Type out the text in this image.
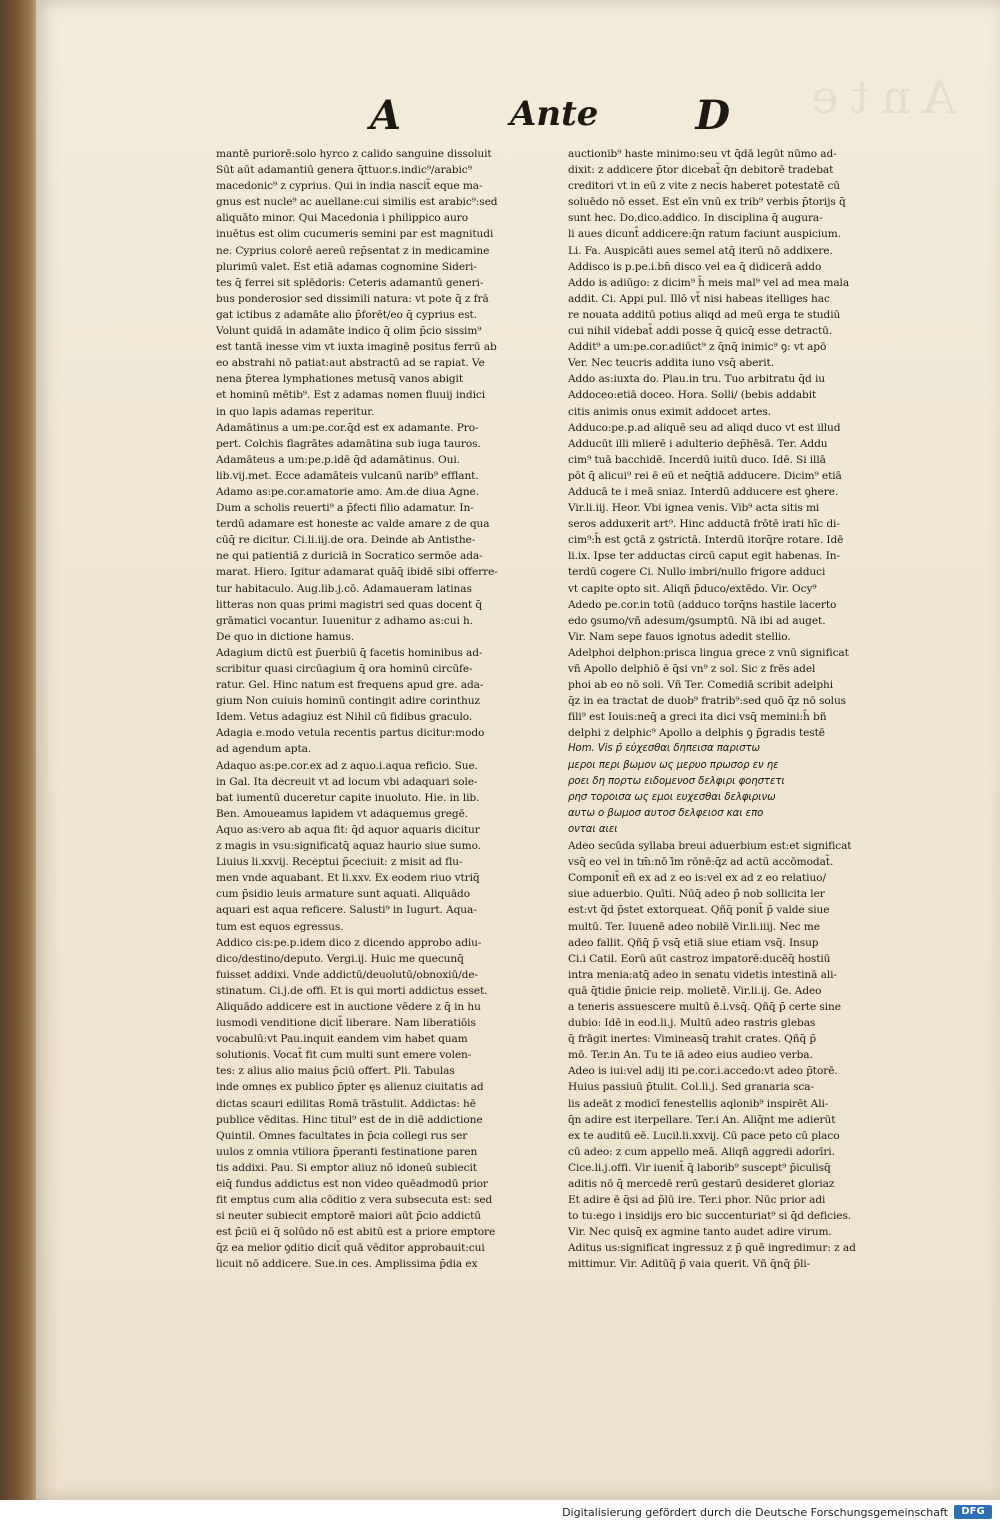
Ante
A	Ante D
mantē puriorē:solo hyrco z calido sanguine dissoluit
Sūt aūt adamantiū genera q̄ttuor.s.indic⁹/arabic⁹
macedonic⁹ z cyprius. Qui in india nascit̄ eque ma-
gnus est nucle⁹ ac auellane:cui similis est arabic⁹:sed
aliquāto minor. Qui Macedonia i philippico auro
inuētus est olim cucumeris semini par est magnitudi
ne. Cyprius colorē aereū rep̄sentat z in medicamine
plurimū valet. Est etiā adamas cognomine Sideri-
tes q̄ ferrei sit splēdoris: Ceteris adamantū generi-
bus ponderosior sed dissimili natura: vt pote q̄ z frā
gat ictibus z adamāte alio p̄forēt/eo q̄ cyprius est.
Volunt quidā in adamāte indico q̄ olim p̄cio sissim⁹
est tantā inesse vim vt iuxta imaginē positus ferrū ab
eo abstrahi nō patiat:aut abstractū ad se rapiat. Ve
nena p̄terea lymphationes metusq̄ vanos abigit
et hominū mētib⁹. Est z adamas nomen fluuij indici
in quo lapis adamas reperitur.
Adamātinus a um:pe.cor.q̄d est ex adamante. Pro-
pert. Colchis flagrātes adamātina sub iuga tauros.
Adamāteus a um:pe.p.idē q̄d adamātinus. Oui.
lib.vij.met. Ecce adamāteis vulcanū narib⁹ efflant.
Adamo as:pe.cor.amatorie amo. Am.de diua Agne.
Dum a scholis reuerti⁹ a p̄fecti filio adamatur. In-
terdū adamare est honeste ac valde amare z de qua
cūq̄ re dicitur. Ci.li.iij.de ora. Deinde ab Antisthe-
ne qui patientiā z duriciā in Socratico sermōe ada-
marat. Hiero. Igitur adamarat quāq̄ ibidē sibi offerre-
tur habitaculo. Aug.lib.j.cō. Adamaueram latinas
litteras non quas primi magistri sed quas docent q̄
grāmatici vocantur. Iuuenitur z adhamo as:cui h.
De quo in dictione hamus.
Adagium dictū est p̄uerbiū q̄ facetis hominibus ad-
scribitur quasi circūagium q̄ ora hominū circūfe-
ratur. Gel. Hinc natum est frequens apud gre. ada-
gium Non cuiuis hominū contingit adire corinthuz
Idem. Vetus adagiuz est Nihil cū fidibus graculo.
Adagia e.modo vetula recentis partus dicitur:modo
ad agendum apta.
Adaquo as:pe.cor.ex ad z aquo.i.aqua reficio. Sue.
in Gal. Ita decreuit vt ad locum vbi adaquari sole-
bat iumentū duceretur capite inuoluto. Hie. in lib.
Ben. Amoueamus lapidem vt adaquemus gregē.
Aquo as:vero ab aqua fit: q̄d aquor aquaris dicitur
z magis in vsu:significatq̄ aquaz haurio siue sumo.
Liuius li.xxvij. Receptui p̄ceciuit: z misit ad flu-
men vnde aquabant. Et li.xxv. Ex eodem riuo vtriq̄
cum p̄sidio leuis armature sunt aquati. Aliquādo
aquari est aqua reficere. Salusti⁹ in Iugurt. Aqua-
tum est equos egressus.
Addico cis:pe.p.idem dico z dicendo approbo adiu-
dico/destino/deputo. Vergi.ij. Huic me quecunq̄
fuisset addixi. Vnde addictū/deuolutū/obnoxiū/de-
stinatum. Ci.j.de offi. Et is qui morti addictus esset.
Aliquādo addicere est in auctione vēdere z q̄ in hu
iusmodi venditione dicit̄ liberare. Nam liberatiōis
vocabulū:vt Pau.inquit eandem vim habet quam
solutionis. Vocat̄ fit cum multi sunt emere volen-
tes: z alius alio maius p̄ciū offert. Pli. Tabulas
inde omnes ex publico p̄pter ęs alienuz ciuitatis ad
dictas scauri edilitas Romā trāstulit. Addictas: hē
publice vēditas. Hinc titul⁹ est de in diē addictione
Quintil. Omnes facultates in p̄cia collegi rus ser
uulos z omnia vtiliora p̄peranti festinatione paren
tis addixi. Pau. Si emptor aliuz nō idoneū subiecit
eiq̄ fundus addictus est non video quēadmodū prior
fit emptus cum alia cōditio z vera subsecuta est: sed
si neuter subiecit emptorē maiori aūt p̄cio addictū
est p̄ciū ei q̄ solūdo nō est abitū est a priore emptore
q̄z ea melior ꝯditio dicit̄ quā vēditor approbauit:cui
licuit nō addicere. Sue.in ces. Amplissima p̄dia ex
auctionib⁹ haste minimo:seu vt q̄dā legūt nūmo ad-
dixit: z addicere p̄tor dicebat̄ q̄n debitorē tradebat
creditori vt in eū z vite z necis haberet potestatē cū
soluēdo nō esset. Est eīn vnū ex trib⁹ verbis p̄torijs q̄
sunt hec. Do.dico.addico. In disciplina q̄ augura-
li aues dicunt̄ addicere:q̄n ratum faciunt auspicium.
Li. Fa. Auspicāti aues semel atq̄ iterū nō addixere.
Addisco is p.pe.i.bn̄ disco vel ea q̄ didicerā addo
Addo is adiūgo: z dicim⁹ h̄ meis mal⁹ vel ad mea mala
addit. Ci. Appi pul. Illō vt̄ nisi habeas itelliges hac
re nouata additū potius aliqd ad meū erga te studiū
cui nihil videbat̄ addi posse q̄ quicq̄ esse detractū.
Addit⁹ a um:pe.cor.adiūct⁹ z q̄nq̄ inimic⁹ ꝯ: vt apō
Ver. Nec teucris addita iuno vsq̄ aberit.
Addo as:iuxta do. Plau.in tru. Tuo arbitratu q̄d iu
Addoceo:etiā doceo. Hora. Solli/ (bebis addabit
citis animis onus eximit addocet artes.
Adduco:pe.p.ad aliquē seu ad aliqd duco vt est illud
Adducūt illi mlierē i adulterio dep̄hēsā. Ter. Addu
cim⁹ tuā bacchidē. Incerdū iuitū duco. Idē. Si illā
pōt q̄ alicui⁹ rei ē eū et neq̄tiā adducere. Dicim⁹ etiā
Adducā te i meā sniaz. Interdū adducere est ꝯhere.
Vir.li.iij. Heor. Vbi ignea venis. Vib⁹ acta sitis mi
seros adduxerit art⁹. Hinc adductā frōtē irati hīc di-
cim⁹:h̄ est ꝯctā z ꝯstrictā. Interdū itorq̄re rotare. Idē
li.ix. Ipse ter adductas circū caput egit habenas. In-
terdū cogere Ci. Nullo imbri/nullo frigore adduci
vt capite opto sit. Aliqñ p̄duco/extēdo. Vir. Ocy⁹
Adedo pe.cor.in totū (adduco torq̄ns hastile lacerto
edo ꝯsumo/vñ adesum/ꝯsumptū. Nā ibi ad auget.
Vir. Nam sepe fauos ignotus adedit stellio.
Adelphoi delphon:prisca lingua grece z vnū significat
vñ Apollo delphiō ē q̄si vn⁹ z sol. Sic z frēs adel
phoi ab eo nō soli. Vñ Ter. Comediā scribit adelphi
q̄z in ea tractat de duob⁹ fratrib⁹:sed quō q̄z nō solus
fili⁹ est Iouis:neq̄ a greci ita dici vsq̄ memini:h̄ bñ
delphi z delphic⁹ Apollo a delphis ꝯ p̄gradis testē
Hom. Vis p̄ εὐχεσθαι δηπεισα παριστω
μεροι περι βωμον ως μερυο πρωσορ εν ηε
ροει δη πορτω ειδομενοσ δελφιρι φοηστετι
ρησ τοροισα ως εμοι ευχεσθαι δελφιρινω
αυτω ο βωμοσ αυτοσ δελφειοσ και επο
ονται αιει
Adeo secūda syllaba breui aduerbium est:et significat
vsq̄ eo vel in tm̄:nō ī̄m rōnē:q̄z ad actū accōmodat̄.
Componit̄ eñ ex ad z eo is:vel ex ad z eo relatiuo/
siue aduerbio. Quīti. Nūq̄ adeo p̄ nob sollicita ler
est:vt q̄d p̄stet extorqueat. Qñq̄ ponit̄ p̄ valde siue
multū. Ter. Iuuenē adeo nobilē Vir.li.iiij. Nec me
adeo fallit. Qñq̄ p̄ vsq̄ etiā siue etiam vsq̄. Insup
Ci.i Catil. Eorū aūt castroz impatorē:ducēq̄ hostiū
intra menia:atq̄ adeo in senatu videtis intestinā ali-
quā q̄tidie p̄nicie reip. molietē. Vir.li.ij. Ge. Adeo
a teneris assuescere multū ē.i.vsq̄. Qñq̄ p̄ certe sine
dubio: Idē in eod.li.j. Multū adeo rastris glebas
q̄ frāgit inertes: Vimineasq̄ trahit crates. Qñq̄ p̄
mō. Ter.in An. Tu te iā adeo eius audieo verba.
Adeo is iui:vel adij iti pe.cor.i.accedo:vt adeo p̄torē.
Huius passiuū p̄tulit. Col.li.j. Sed granaria sca-
lis adeāt z modicī fenestellis aqlonib⁹ inspirēt Ali-
q̄n adire est iterpellare. Ter.i An. Aliq̄nt me adierūt
ex te auditū eē. Lucil.li.xxvij. Cū pace peto cū placo
cū adeo: z cum appello meā. Aliqñ aggredi adorīri.
Cice.li.j.offi. Vir iuenit̄ q̄ laborib⁹ suscept⁹ p̄iculisq̄
aditis nō q̄ mercedē rerū gestarū desideret gloriaz
Et adire ē q̄si ad p̄lū ire. Ter.i phor. Nūc prior adi
to tu:ego i insidijs ero bic succenturiat⁹ si q̄d deficies.
Vir. Nec quisq̄ ex agmine tanto audet adire virum.
Aditus us:significat ingressuz z p̄ quē ingredimur: z ad
mittimur. Vir. Aditūq̄ p̄ vaia querit. Vñ q̄nq̄ p̄li-
Digitalisierung gefördert durch die Deutsche Forschungsgemeinschaft	DFG
